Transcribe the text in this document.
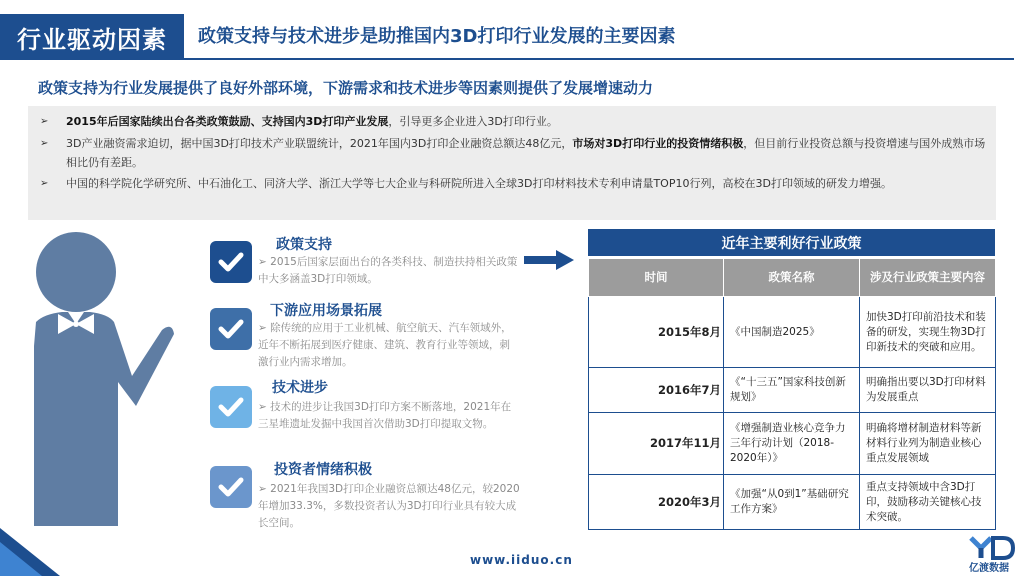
行业驱动因素	政策支持与技术进步是助推国内3D打印行业发展的主要因素
政策支持为行业发展提供了良好外部环境，下游需求和技术进步等因素则提供了发展增速动力
➢ 2015年后国家陆续出台各类政策鼓励、支持国内3D打印产业发展，引导更多企业进入3D打印行业。
➢ 3D产业融资需求迫切，据中国3D打印技术产业联盟统计，2021年国内3D打印企业融资总额达48亿元，市场对3D打印行业的投资情绪积极，但目前行业投资总额与投资增速与国外成熟市场相比仍有差距。
➢ 中国的科学院化学研究所、中石油化工、同济大学、浙江大学等七大企业与科研院所进入全球3D打印材料技术专利申请量TOP10行列，高校在3D打印领域的研发力增强。
政策支持
➢ 2015后国家层面出台的各类科技、制造扶持相关政策中大多涵盖3D打印领域。
下游应用场景拓展
➢ 除传统的应用于工业机械、航空航天、汽车领域外，近年不断拓展到医疗健康、建筑、教育行业等领域，刺激行业内需求增加。
技术进步
➢ 技术的进步让我国3D打印方案不断落地，2021年在三星堆遗址发掘中我国首次借助3D打印提取文物。
投资者情绪积极
➢ 2021年我国3D打印企业融资总额达48亿元，较2020年增加33.3%，多数投资者认为3D打印行业具有较大成长空间。
近年主要利好行业政策
时间	政策名称	涉及行业政策主要内容
2015年8月	《中国制造2025》	加快3D打印前沿技术和装备的研发，实现生物3D打印新技术的突破和应用。
2016年7月	《“十三五”国家科技创新规划》	明确指出要以3D打印材料为发展重点
2017年11月	《增强制造业核心竞争力三年行动计划（2018-2020年）》	明确将增材制造材料等新材料行业列为制造业核心重点发展领域
2020年3月	《加强“从0到1”基础研究工作方案》	重点支持领域中含3D打印，鼓励移动关键核心技术突破。
www.iiduo.cn
亿渡数据
